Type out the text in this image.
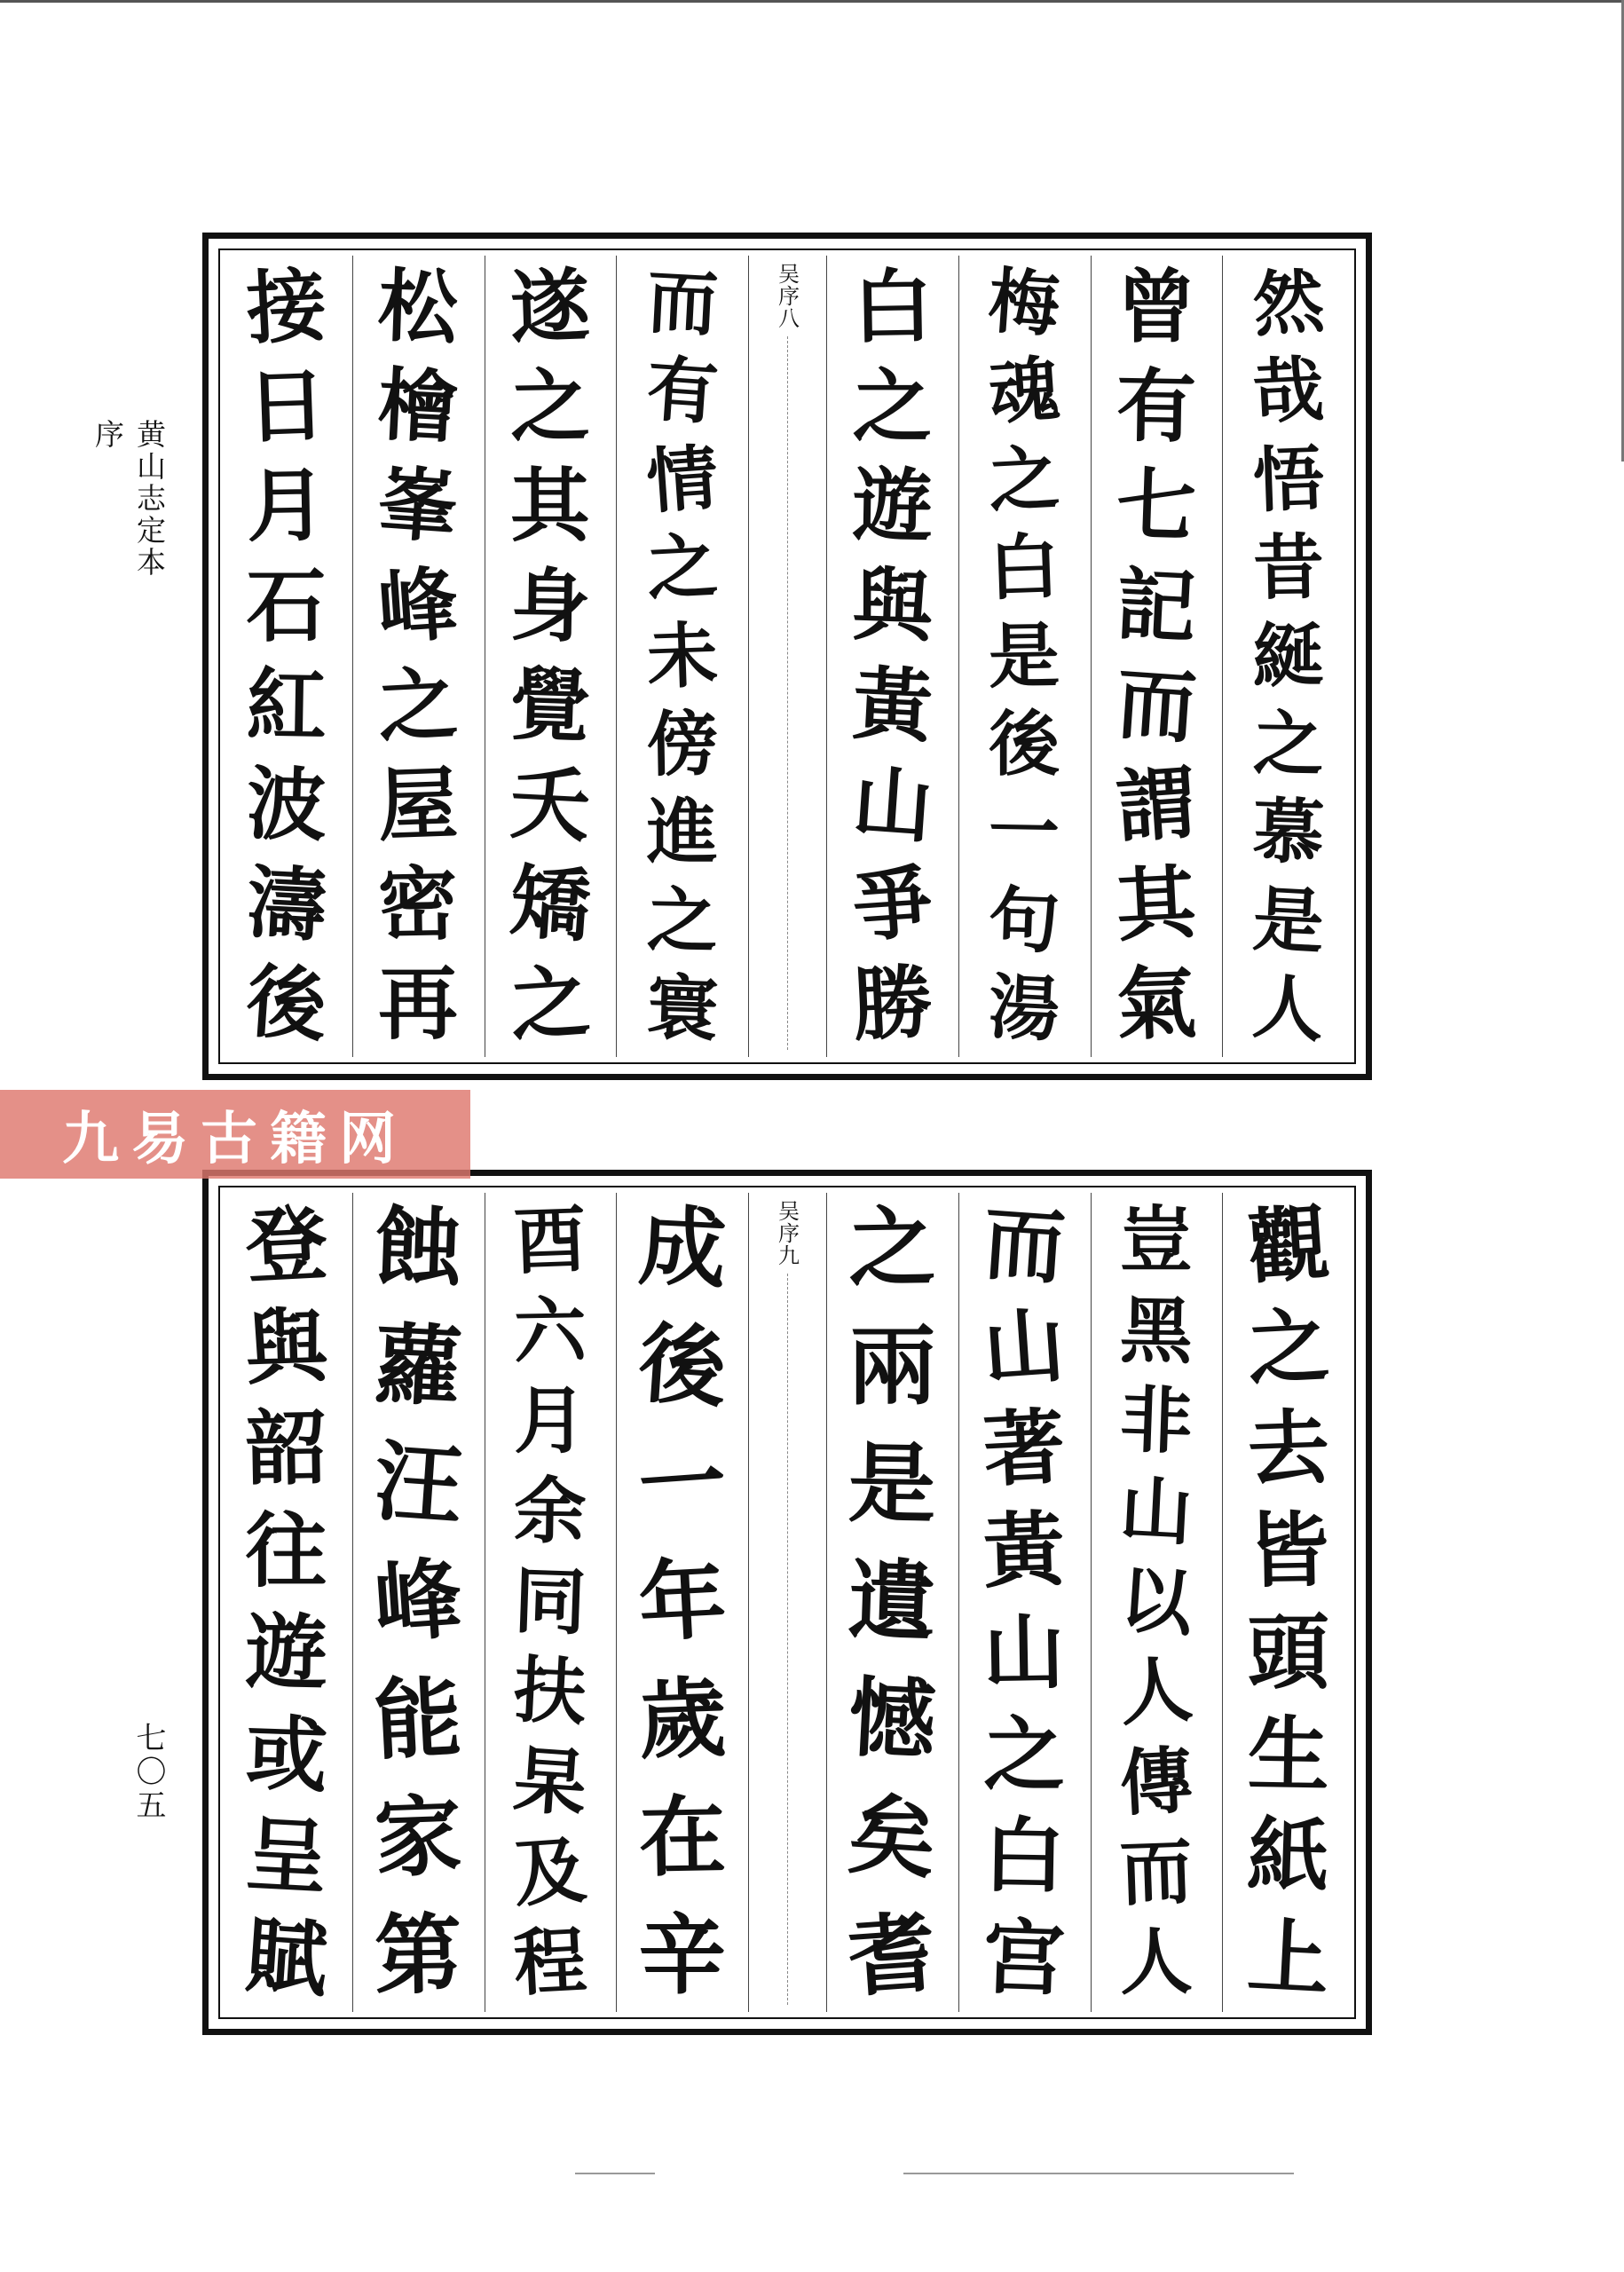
黄山志定本
序
七〇五
吴序八	然
哉
悟
昔
綖
之
慕
是
人
曾
有
七
記
而
謂
其
氣
梅
魂
之
白
是
後
一
句
湯
白
之
遊
與
黃
山
爭
勝
而
有
情
之
未
傍
進
之
寰
遂
之
其
身
覺
夭
矯
之
松
檜
峯
峰
之
屋
密
再
接
日
月
石
紅
波
濤
後
吴序九	觀
之
去
皆
頭
生
紙
上
豈
黑
非
山
以
人
傳
而
人
而
山
著
黃
山
之
白
宫
之
兩
是
遺
憾
矣
耆
成
後
一
年
歲
在
辛
酉
六
月
余
同
扶
杲
及
程
蝕
蘿
汪
峰
能
家
第
登
與
韶
往
遊
或
呈
賦
九易古籍网
